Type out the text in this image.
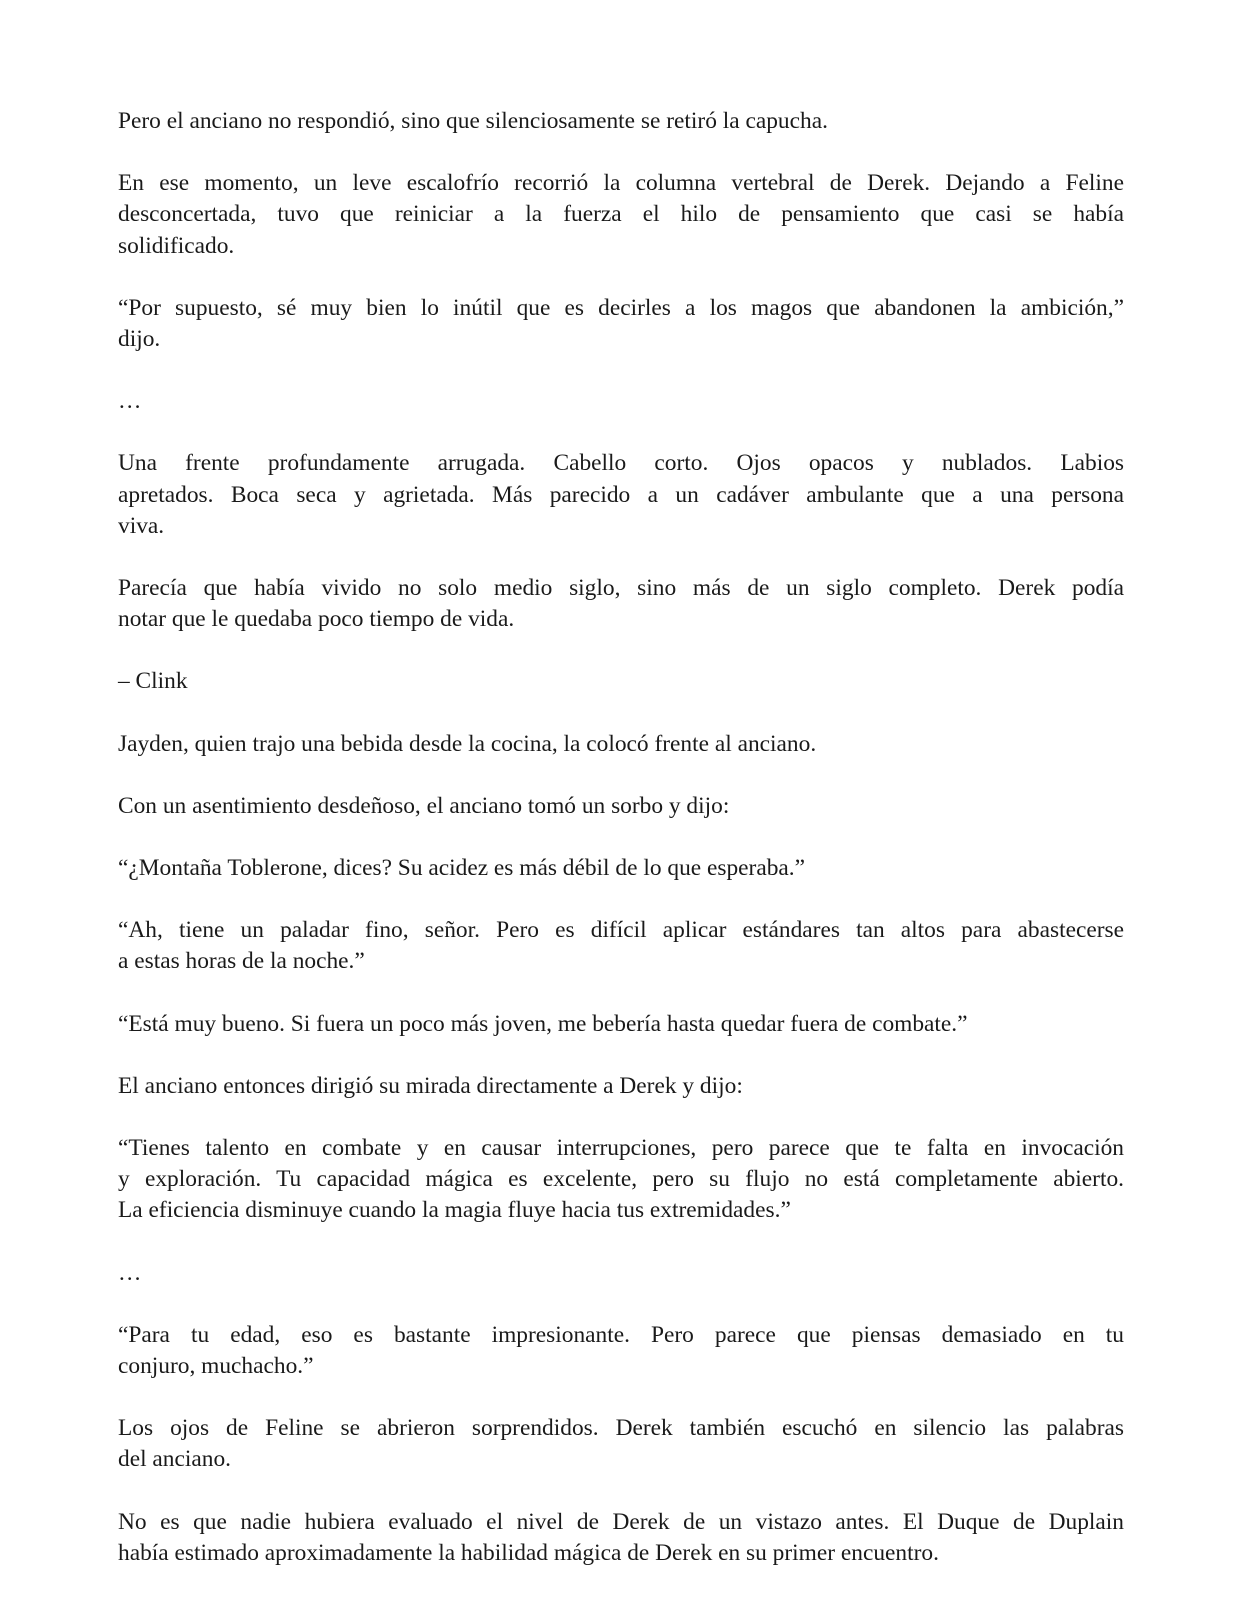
Pero el anciano no respondió, sino que silenciosamente se retiró la capucha.

En ese momento, un leve escalofrío recorrió la columna vertebral de Derek. Dejando a Feline
desconcertada, tuvo que reiniciar a la fuerza el hilo de pensamiento que casi se había
solidificado.

“Por supuesto, sé muy bien lo inútil que es decirles a los magos que abandonen la ambición,”
dijo.

…

Una frente profundamente arrugada. Cabello corto. Ojos opacos y nublados. Labios
apretados. Boca seca y agrietada. Más parecido a un cadáver ambulante que a una persona
viva.

Parecía que había vivido no solo medio siglo, sino más de un siglo completo. Derek podía
notar que le quedaba poco tiempo de vida.

– Clink

Jayden, quien trajo una bebida desde la cocina, la colocó frente al anciano.

Con un asentimiento desdeñoso, el anciano tomó un sorbo y dijo:

“¿Montaña Toblerone, dices? Su acidez es más débil de lo que esperaba.”

“Ah, tiene un paladar fino, señor. Pero es difícil aplicar estándares tan altos para abastecerse
a estas horas de la noche.”

“Está muy bueno. Si fuera un poco más joven, me bebería hasta quedar fuera de combate.”

El anciano entonces dirigió su mirada directamente a Derek y dijo:

“Tienes talento en combate y en causar interrupciones, pero parece que te falta en invocación
y exploración. Tu capacidad mágica es excelente, pero su flujo no está completamente abierto.
La eficiencia disminuye cuando la magia fluye hacia tus extremidades.”

…

“Para tu edad, eso es bastante impresionante. Pero parece que piensas demasiado en tu
conjuro, muchacho.”

Los ojos de Feline se abrieron sorprendidos. Derek también escuchó en silencio las palabras
del anciano.

No es que nadie hubiera evaluado el nivel de Derek de un vistazo antes. El Duque de Duplain
había estimado aproximadamente la habilidad mágica de Derek en su primer encuentro.
